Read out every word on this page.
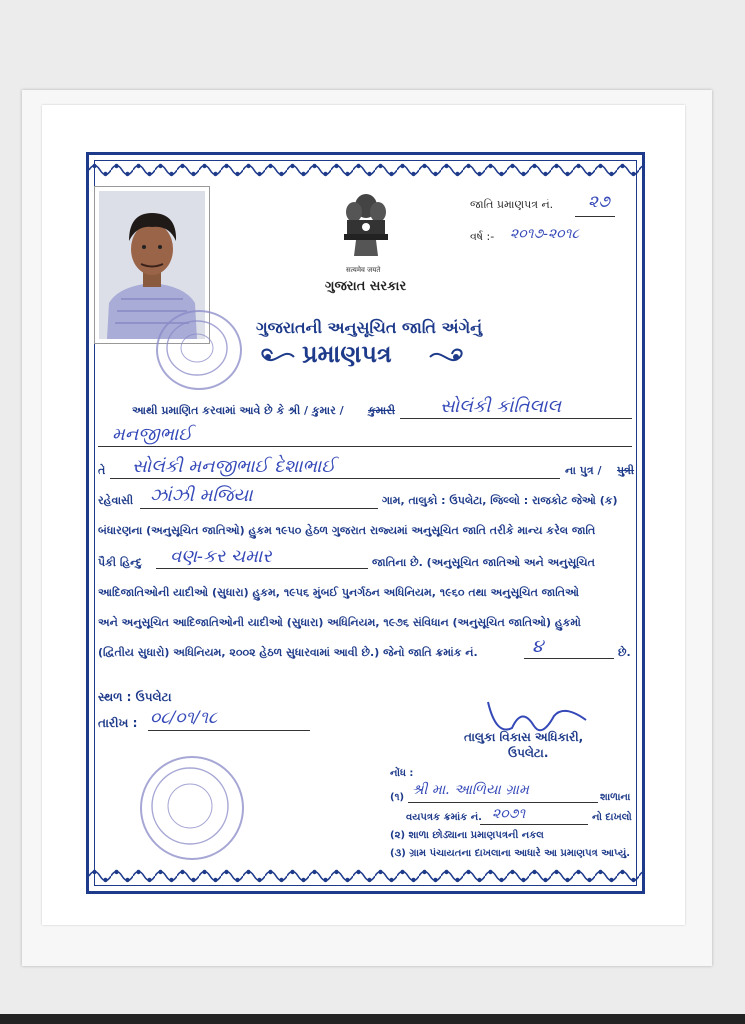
सत्यमेव जयते
ગુજરાત સરકાર
જાતિ પ્રમાણપત્ર નં. ૨૭
વર્ષ :- ૨૦૧૭-૨૦૧૮
ગુજરાતની અનુસૂચિત જાતિ અંગેનું
પ્રમાણપત્ર
આથી પ્રમાણિત કરવામાં આવે છે કે શ્રી / કુમાર / કુમારી સોલંકી કાંતિલાલ
મનજીભાઈ
તે સોલંકી મનજીભાઈ દેશાભાઈ	ના પુત્ર / પુત્રી
રહેવાસી ઝાંઝી મજિયા	ગામ, તાલુકો : ઉપલેટા, જિલ્લો : રાજકોટ જેઓ (ક)
બંધારણના (અનુસૂચિત જાતિઓ) હુકમ ૧૯૫૦ હેઠળ ગુજરાત રાજ્યમાં અનુસૂચિત જાતિ તરીકે માન્ય કરેલ જાતિ
પૈકી હિન્દુ વણ-કર ચમાર	જાતિના છે. (અનુસૂચિત જાતિઓ અને અનુસૂચિત
આદિજાતિઓની યાદીઓ (સુધારા) હુકમ, ૧૯૫૬ મુંબઈ પુનર્ગઠન અધિનિયમ, ૧૯૬૦ તથા અનુસૂચિત જાતિઓ
અને અનુસૂચિત આદિજાતિઓની યાદીઓ (સુધારા) અધિનિયમ, ૧૯૭૬ સંવિધાન (અનુસૂચિત જાતિઓ) હુકમો
(દ્વિતીય સુધારો) અધિનિયમ, ૨૦૦૨ હેઠળ સુધારવામાં આવી છે.) જેનો જાતિ ક્રમાંક નં.	૪	છે.
સ્થળ : ઉપલેટા
તારીખ : ૦૮/૦૧/૧૮
તાલુકા વિકાસ અધિકારી,
ઉપલેટા.
નોંધ :
(૧) શ્રી મા. આળિયા ગ્રામ	શાળાના
વયપત્રક ક્રમાંક નં. ૨૦૭૧	નો દાખલો
(૨) શાળા છોડ્યાના પ્રમાણપત્રની નકલ
(૩) ગ્રામ પંચાયતના દાખલાના આધારે આ પ્રમાણપત્ર આપ્યું.
